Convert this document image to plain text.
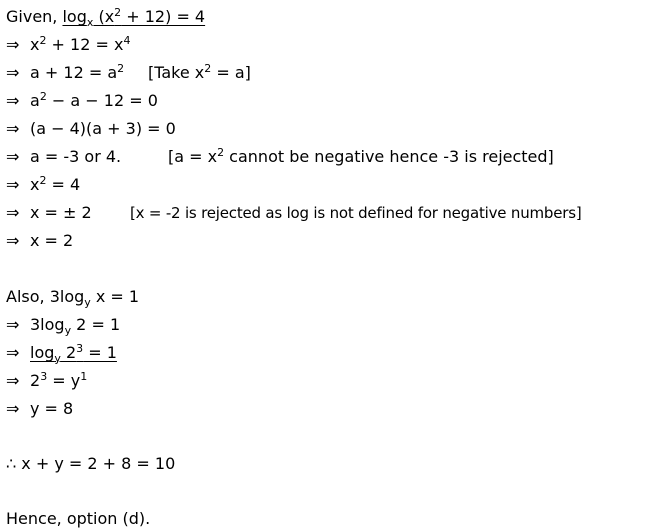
Given, $\log_x (x^2 + 12) = 4$
⇒ $x^2 + 12 = x^4$
⇒ $a + 12 = a^2$ [Take $x^2 = a$]
⇒ $a^2 - a - 12 = 0$
⇒ (a − 4)(a + 3) = 0
⇒ a = -3 or 4.	[$a = x^2$ cannot be negative hence -3 is rejected]
⇒ $x^2 = 4$
⇒ x = ± 2	[x = -2 is rejected as log is not defined for negative numbers]
⇒ x = 2
Also, $3\log_y$ x = 1
⇒ $3\log_y$ 2 = 1
⇒ $\log_y 2^3 = 1$
⇒ $2^3 = y^1$
⇒ y = 8
∴ x + y = 2 + 8 = 10
Hence, option (d).
